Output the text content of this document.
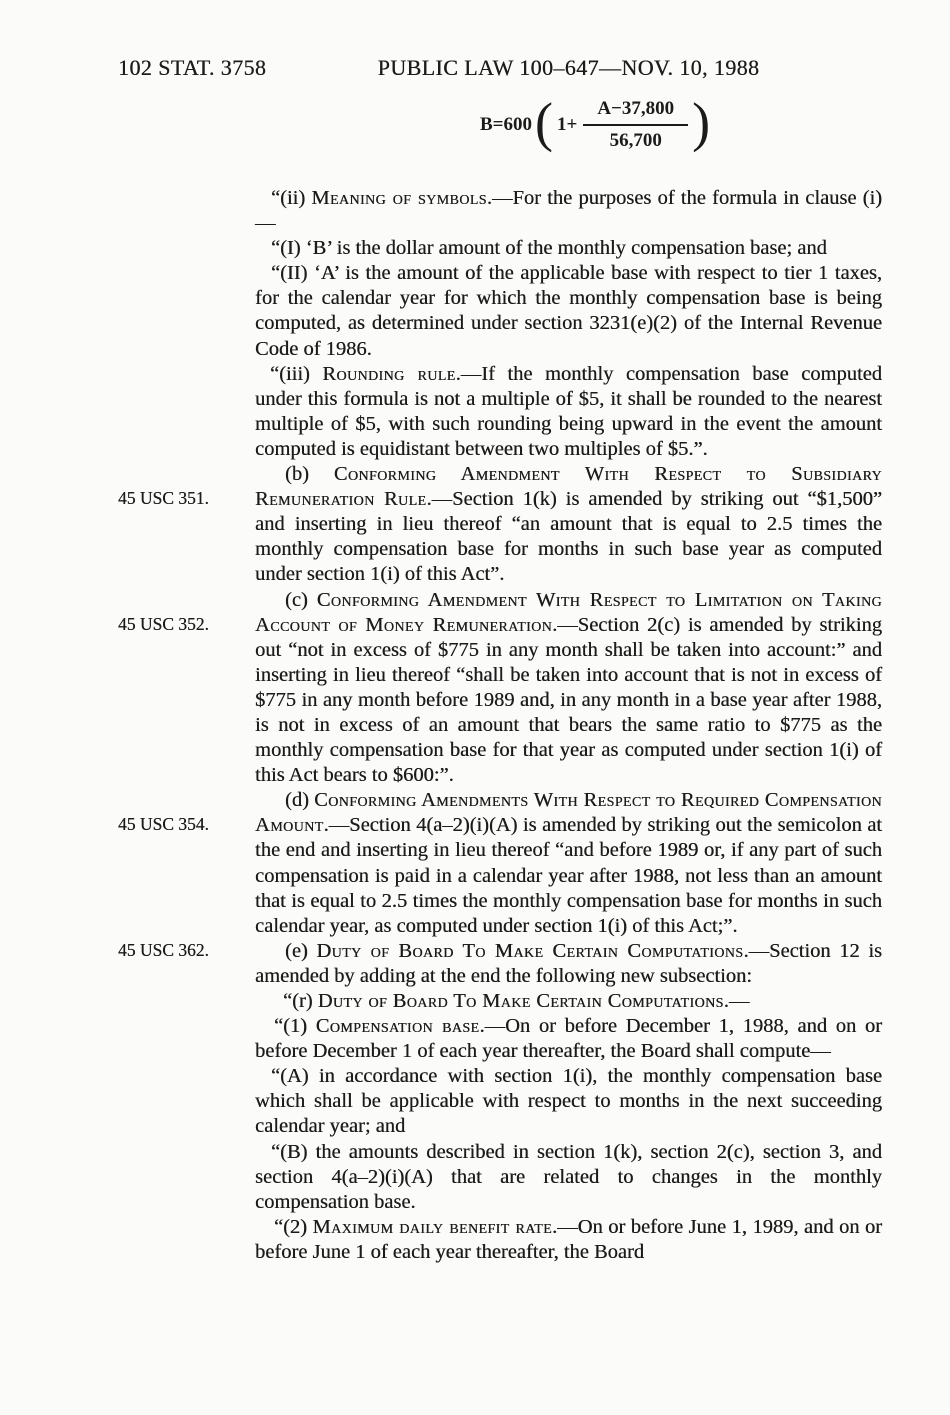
102 STAT. 3758	PUBLIC LAW 100–647—NOV. 10, 1988
B=600 ( $1+ \frac{A-37,800}{56,700}$ )

“(ii) Meaning of symbols.—For the purposes of the formula in clause (i)—

“(I) ‘B’ is the dollar amount of the monthly compensation base; and

“(II) ‘A’ is the amount of the applicable base with respect to tier 1 taxes, for the calendar year for which the monthly compensation base is being computed, as determined under section 3231(e)(2) of the Internal Revenue Code of 1986.

“(iii) Rounding rule.—If the monthly compensation base computed under this formula is not a multiple of $5, it shall be rounded to the nearest multiple of $5, with such rounding being upward in the event the amount computed is equidistant between two multiples of $5.”.

(b) Conforming Amendment With Respect to Subsidiary Remuneration Rule.—Section 1(k) is amended by striking out “$1,500” and inserting in lieu thereof “an amount that is equal to 2.5 times the monthly compensation base for months in such base year as computed under section 1(i) of this Act”.

(c) Conforming Amendment With Respect to Limitation on Taking Account of Money Remuneration.—Section 2(c) is amended by striking out “not in excess of $775 in any month shall be taken into account:” and inserting in lieu thereof “shall be taken into account that is not in excess of $775 in any month before 1989 and, in any month in a base year after 1988, is not in excess of an amount that bears the same ratio to $775 as the monthly compensation base for that year as computed under section 1(i) of this Act bears to $600:”.

(d) Conforming Amendments With Respect to Required Compensation Amount.—Section 4(a–2)(i)(A) is amended by striking out the semicolon at the end and inserting in lieu thereof “and before 1989 or, if any part of such compensation is paid in a calendar year after 1988, not less than an amount that is equal to 2.5 times the monthly compensation base for months in such calendar year, as computed under section 1(i) of this Act;”.

(e) Duty of Board To Make Certain Computations.—Section 12 is amended by adding at the end the following new subsection:

“(r) Duty of Board To Make Certain Computations.—

“(1) Compensation base.—On or before December 1, 1988, and on or before December 1 of each year thereafter, the Board shall compute—

“(A) in accordance with section 1(i), the monthly compensation base which shall be applicable with respect to months in the next succeeding calendar year; and

“(B) the amounts described in section 1(k), section 2(c), section 3, and section 4(a–2)(i)(A) that are related to changes in the monthly compensation base.

“(2) Maximum daily benefit rate.—On or before June 1, 1989, and on or before June 1 of each year thereafter, the Board

45 USC 351.
45 USC 352.
45 USC 354.
45 USC 362.
